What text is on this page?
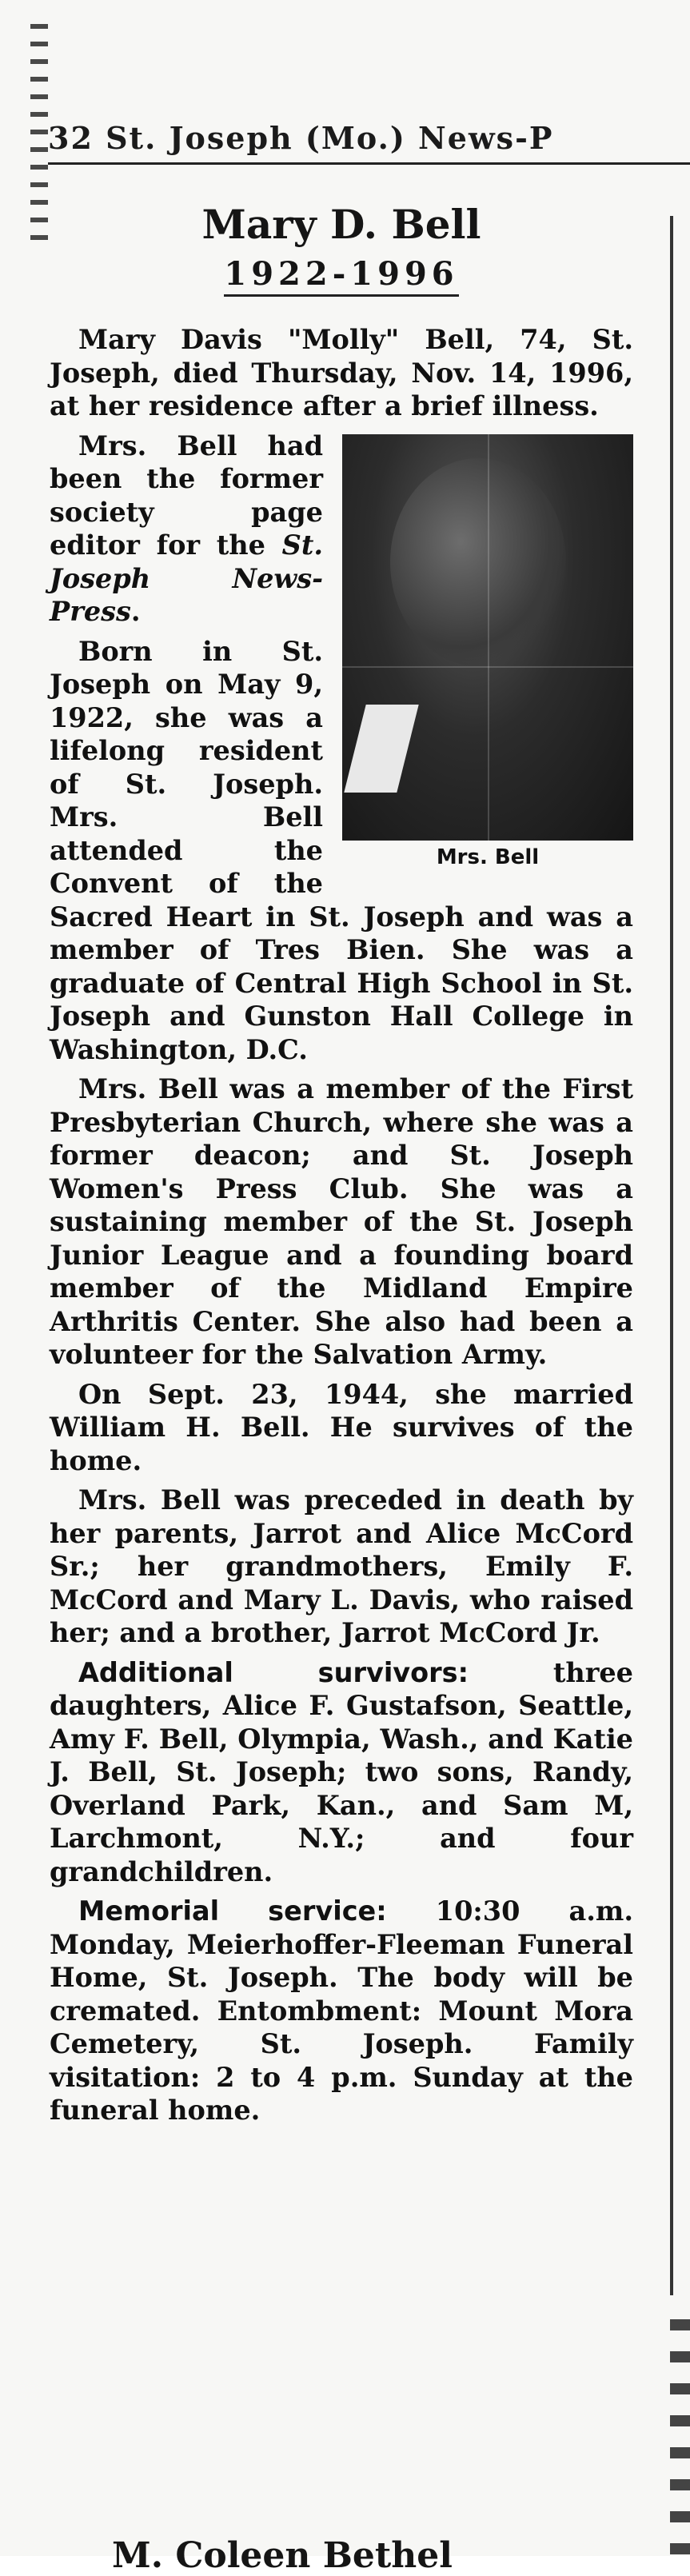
32 St. Joseph (Mo.) News-P
Mary D. Bell
1922-1996

Mary Davis "Molly" Bell, 74, St. Joseph, died Thursday, Nov. 14, 1996, at her residence after a brief illness.

Mrs. Bell

Mrs. Bell had been the former society page editor for the St. Joseph News-Press.

Born in St. Joseph on May 9, 1922, she was a lifelong resident of St. Joseph. Mrs. Bell attended the Convent of the Sacred Heart in St. Joseph and was a member of Tres Bien. She was a graduate of Central High School in St. Joseph and Gunston Hall College in Washington, D.C.

Mrs. Bell was a member of the First Presbyterian Church, where she was a former deacon; and St. Joseph Women's Press Club. She was a sustaining member of the St. Joseph Junior League and a founding board member of the Midland Empire Arthritis Center. She also had been a volunteer for the Salvation Army.

On Sept. 23, 1944, she married William H. Bell. He survives of the home.

Mrs. Bell was preceded in death by her parents, Jarrot and Alice McCord Sr.; her grandmothers, Emily F. McCord and Mary L. Davis, who raised her; and a brother, Jarrot McCord Jr.

Additional survivors: three daughters, Alice F. Gustafson, Seattle, Amy F. Bell, Olympia, Wash., and Katie J. Bell, St. Joseph; two sons, Randy, Overland Park, Kan., and Sam M, Larchmont, N.Y.; and four grandchildren.

Memorial service: 10:30 a.m. Monday, Meierhoffer-Fleeman Funeral Home, St. Joseph. The body will be cremated. Entombment: Mount Mora Cemetery, St. Joseph. Family visitation: 2 to 4 p.m. Sunday at the funeral home.

M. Coleen Bethel
